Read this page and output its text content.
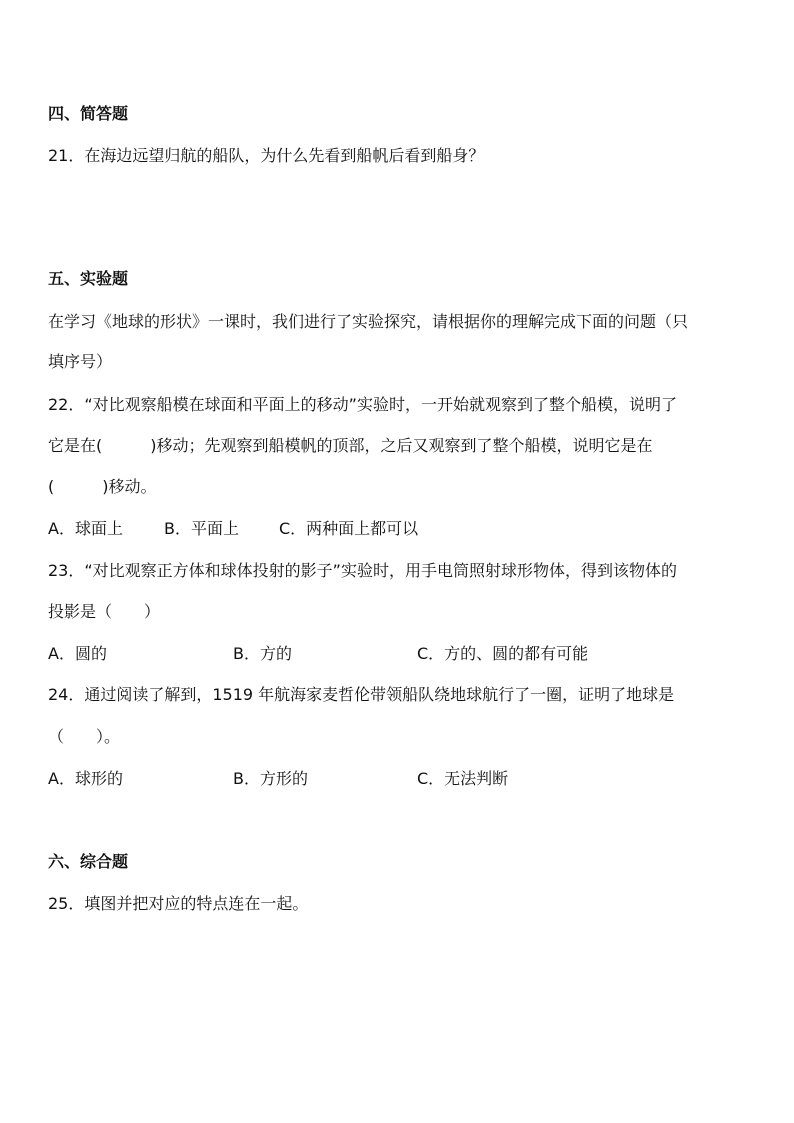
四、简答题
21．在海边远望归航的船队，为什么先看到船帆后看到船身？
五、实验题
在学习《地球的形状》一课时，我们进行了实验探究，请根据你的理解完成下面的问题（只
填序号）
22．“对比观察船模在球面和平面上的移动”实验时，一开始就观察到了整个船模，说明了
它是在(　　　)移动；先观察到船模帆的顶部，之后又观察到了整个船模，说明它是在
(　　　)移动。
A．球面上	B．平面上	C．两种面上都可以
23．“对比观察正方体和球体投射的影子”实验时，用手电筒照射球形物体，得到该物体的
投影是（　　）
A．圆的	B．方的	C．方的、圆的都有可能
24．通过阅读了解到，1519 年航海家麦哲伦带领船队绕地球航行了一圈，证明了地球是
（　　）。
A．球形的	B．方形的	C．无法判断
六、综合题
25．填图并把对应的特点连在一起。
